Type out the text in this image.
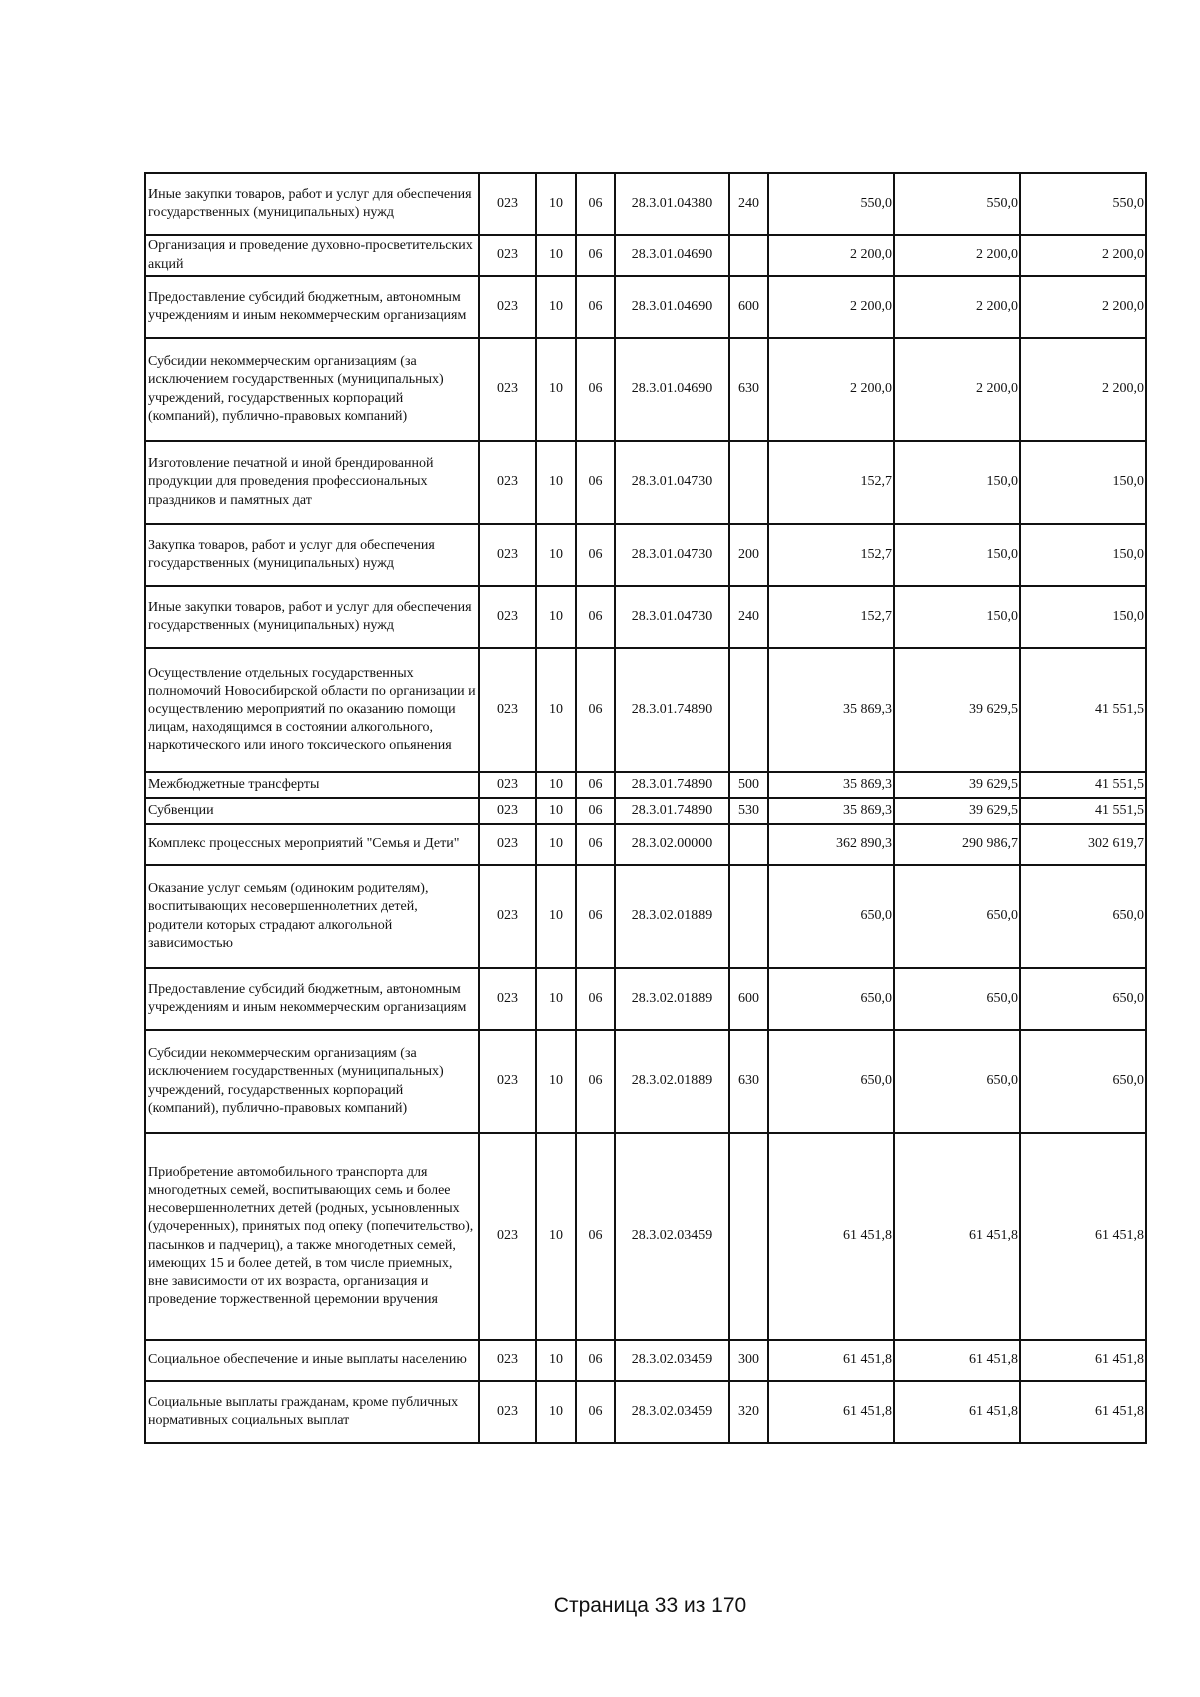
Иные закупки товаров, работ и услуг для обеспечения государственных (муниципальных) нужд	023	10	06	28.3.01.04380	240	550,0	550,0	550,0
Организация и проведение духовно-просветительских акций	023	10	06	28.3.01.04690		2 200,0	2 200,0	2 200,0
Предоставление субсидий бюджетным, автономным учреждениям и иным некоммерческим организациям	023	10	06	28.3.01.04690	600	2 200,0	2 200,0	2 200,0
Субсидии некоммерческим организациям (за исключением государственных (муниципальных) учреждений, государственных корпораций (компаний), публично-правовых компаний)	023	10	06	28.3.01.04690	630	2 200,0	2 200,0	2 200,0
Изготовление печатной и иной брендированной продукции для проведения профессиональных праздников и памятных дат	023	10	06	28.3.01.04730		152,7	150,0	150,0
Закупка товаров, работ и услуг для обеспечения государственных (муниципальных) нужд	023	10	06	28.3.01.04730	200	152,7	150,0	150,0
Иные закупки товаров, работ и услуг для обеспечения государственных (муниципальных) нужд	023	10	06	28.3.01.04730	240	152,7	150,0	150,0
Осуществление отдельных государственных полномочий Новосибирской области по организации и осуществлению мероприятий по оказанию помощи лицам, находящимся в состоянии алкогольного, наркотического или иного токсического опьянения	023	10	06	28.3.01.74890		35 869,3	39 629,5	41 551,5
Межбюджетные трансферты	023	10	06	28.3.01.74890	500	35 869,3	39 629,5	41 551,5
Субвенции	023	10	06	28.3.01.74890	530	35 869,3	39 629,5	41 551,5
Комплекс процессных мероприятий "Семья и Дети"	023	10	06	28.3.02.00000		362 890,3	290 986,7	302 619,7
Оказание услуг семьям (одиноким родителям), воспитывающих несовершеннолетних детей, родители которых страдают алкогольной зависимостью	023	10	06	28.3.02.01889		650,0	650,0	650,0
Предоставление субсидий бюджетным, автономным учреждениям и иным некоммерческим организациям	023	10	06	28.3.02.01889	600	650,0	650,0	650,0
Субсидии некоммерческим организациям (за исключением государственных (муниципальных) учреждений, государственных корпораций (компаний), публично-правовых компаний)	023	10	06	28.3.02.01889	630	650,0	650,0	650,0
Приобретение автомобильного транспорта для многодетных семей, воспитывающих семь и более несовершеннолетних детей (родных, усыновленных (удочеренных), принятых под опеку (попечительство), пасынков и падчериц), а также многодетных семей, имеющих 15 и более детей, в том числе приемных, вне зависимости от их возраста, организация и проведение торжественной церемонии вручения	023	10	06	28.3.02.03459		61 451,8	61 451,8	61 451,8
Социальное обеспечение и иные выплаты населению	023	10	06	28.3.02.03459	300	61 451,8	61 451,8	61 451,8
Социальные выплаты гражданам, кроме публичных нормативных социальных выплат	023	10	06	28.3.02.03459	320	61 451,8	61 451,8	61 451,8
Страница 33 из 170
